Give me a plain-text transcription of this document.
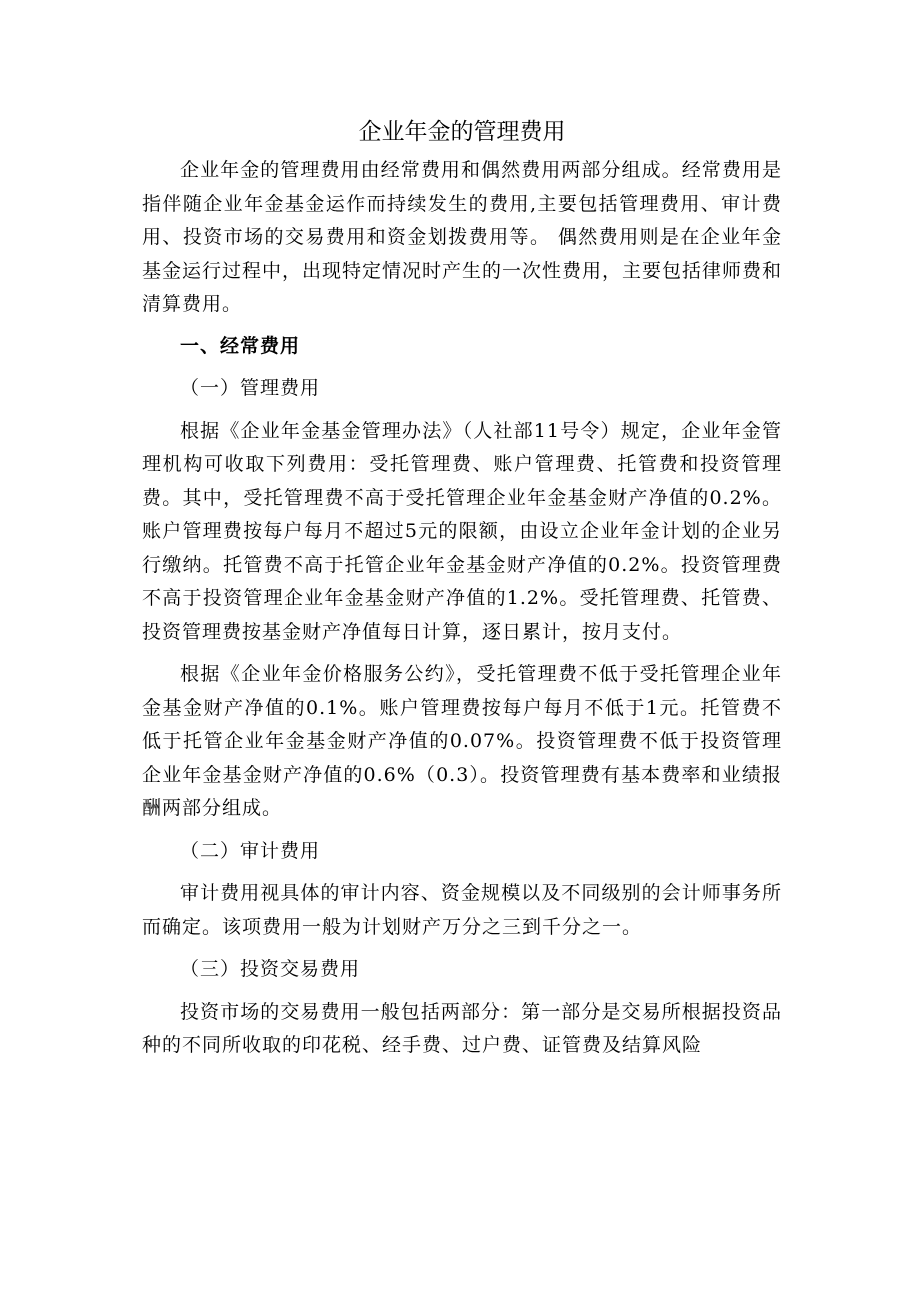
企业年金的管理费用

企业年金的管理费用由经常费用和偶然费用两部分组成。经常费用是指伴随企业年金基金运作而持续发生的费用,主要包括管理费用、审计费用、投资市场的交易费用和资金划拨费用等。 偶然费用则是在企业年金基金运行过程中，出现特定情况时产生的一次性费用，主要包括律师费和清算费用。

一、经常费用

（一）管理费用

根据《企业年金基金管理办法》（人社部11号令）规定，企业年金管理机构可收取下列费用：受托管理费、账户管理费、托管费和投资管理费。其中，受托管理费不高于受托管理企业年金基金财产净值的0.2%。账户管理费按每户每月不超过5元的限额，由设立企业年金计划的企业另行缴纳。托管费不高于托管企业年金基金财产净值的0.2%。投资管理费不高于投资管理企业年金基金财产净值的1.2%。受托管理费、托管费、投资管理费按基金财产净值每日计算，逐日累计，按月支付。

根据《企业年金价格服务公约》，受托管理费不低于受托管理企业年金基金财产净值的0.1%。账户管理费按每户每月不低于1元。托管费不低于托管企业年金基金财产净值的0.07%。投资管理费不低于投资管理企业年金基金财产净值的0.6%（0.3）。投资管理费有基本费率和业绩报酬两部分组成。

（二）审计费用

审计费用视具体的审计内容、资金规模以及不同级别的会计师事务所而确定。该项费用一般为计划财产万分之三到千分之一。

（三）投资交易费用

投资市场的交易费用一般包括两部分：第一部分是交易所根据投资品种的不同所收取的印花税、经手费、过户费、证管费及结算风险
